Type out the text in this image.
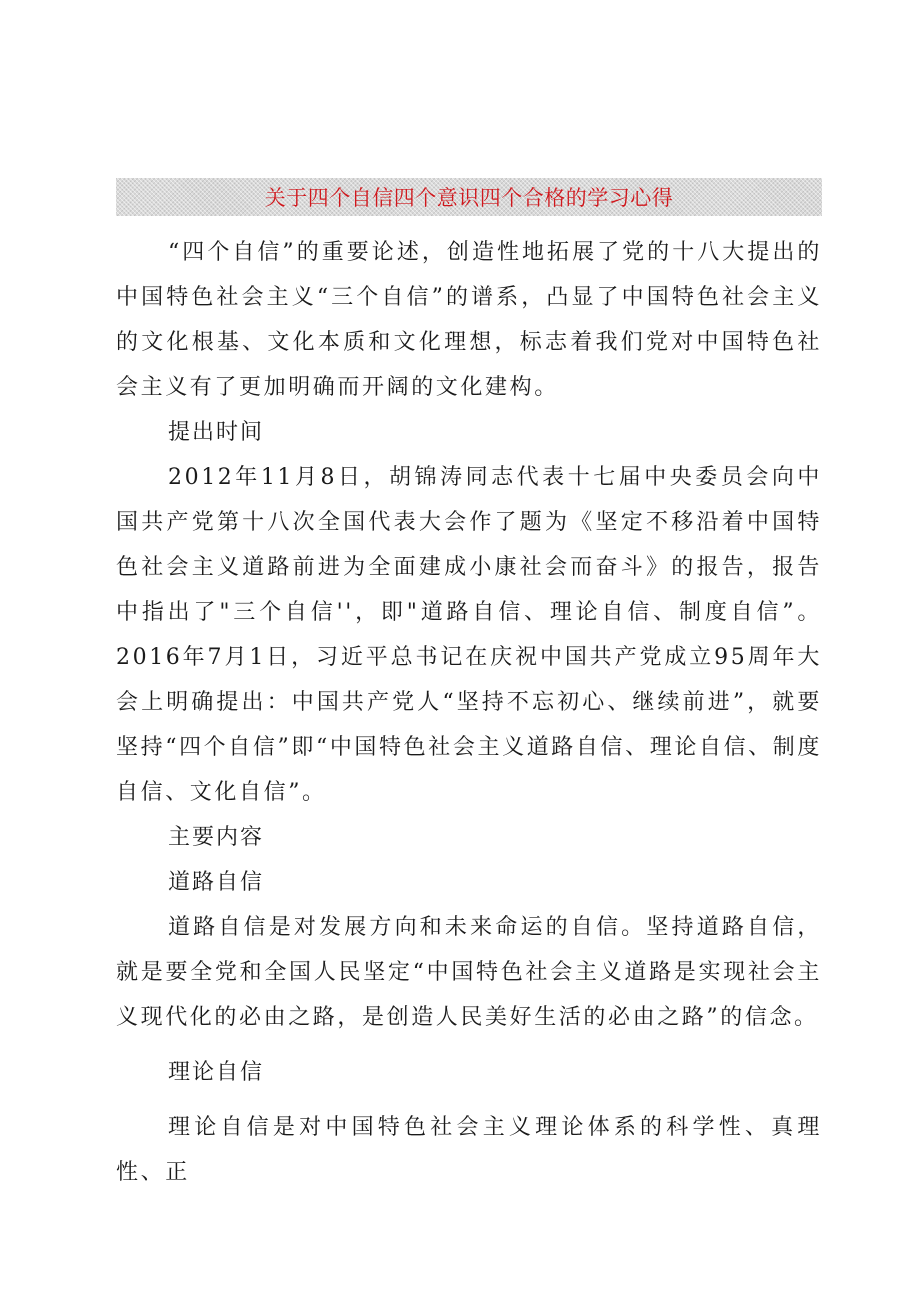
关于四个自信四个意识四个合格的学习心得

“四个自信”的重要论述，创造性地拓展了党的十八大提出的中国特色社会主义“三个自信”的谱系，凸显了中国特色社会主义的文化根基、文化本质和文化理想，标志着我们党对中国特色社会主义有了更加明确而开阔的文化建构。

提出时间

2012年11月8日，胡锦涛同志代表十七届中央委员会向中国共产党第十八次全国代表大会作了题为《坚定不移沿着中国特色社会主义道路前进为全面建成小康社会而奋斗》的报告，报告中指出了"三个自信''，即"道路自信、理论自信、制度自信”。2016年7月1日，习近平总书记在庆祝中国共产党成立95周年大会上明确提出：中国共产党人“坚持不忘初心、继续前进”，就要坚持“四个自信”即“中国特色社会主义道路自信、理论自信、制度自信、文化自信”。

主要内容

道路自信

道路自信是对发展方向和未来命运的自信。坚持道路自信，就是要全党和全国人民坚定“中国特色社会主义道路是实现社会主义现代化的必由之路，是创造人民美好生活的必由之路”的信念。

理论自信

理论自信是对中国特色社会主义理论体系的科学性、真理性、正
